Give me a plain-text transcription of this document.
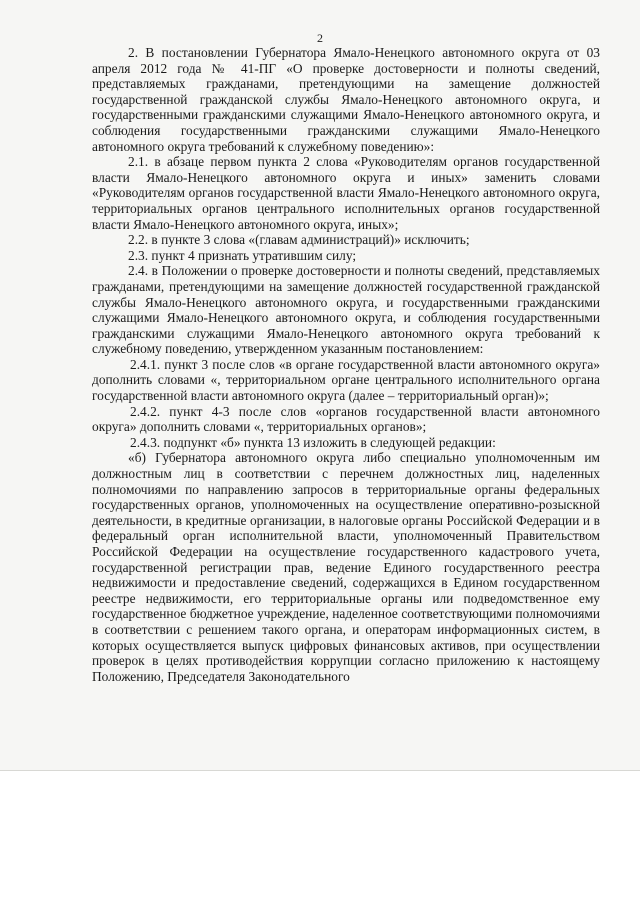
2

2. В постановлении Губернатора Ямало-Ненецкого автономного округа от 03 апреля 2012 года № 41-ПГ «О проверке достоверности и полноты сведений, представляемых гражданами, претендующими на замещение должностей государственной гражданской службы Ямало-Ненецкого автономного округа, и государственными гражданскими служащими Ямало-Ненецкого автономного округа, и соблюдения государственными гражданскими служащими Ямало-Ненецкого автономного округа требований к служебному поведению»:

2.1. в абзаце первом пункта 2 слова «Руководителям органов государственной власти Ямало-Ненецкого автономного округа и иных» заменить словами «Руководителям органов государственной власти Ямало-Ненецкого автономного округа, территориальных органов центрального исполнительных органов государственной власти Ямало-Ненецкого автономного округа, иных»;

2.2. в пункте 3 слова «(главам администраций)» исключить;

2.3. пункт 4 признать утратившим силу;

2.4. в Положении о проверке достоверности и полноты сведений, представляемых гражданами, претендующими на замещение должностей государственной гражданской службы Ямало-Ненецкого автономного округа, и государственными гражданскими служащими Ямало-Ненецкого автономного округа, и соблюдения государственными гражданскими служащими Ямало-Ненецкого автономного округа требований к служебному поведению, утвержденном указанным постановлением:

2.4.1. пункт 3 после слов «в органе государственной власти автономного округа» дополнить словами «, территориальном органе центрального исполнительного органа государственной власти автономного округа (далее – территориальный орган)»;

2.4.2. пункт 4-3 после слов «органов государственной власти автономного округа» дополнить словами «, территориальных органов»;

2.4.3. подпункт «б» пункта 13 изложить в следующей редакции:

«б) Губернатора автономного округа либо специально уполномоченным им должностным лиц в соответствии с перечнем должностных лиц, наделенных полномочиями по направлению запросов в территориальные органы федеральных государственных органов, уполномоченных на осуществление оперативно-розыскной деятельности, в кредитные организации, в налоговые органы Российской Федерации и в федеральный орган исполнительной власти, уполномоченный Правительством Российской Федерации на осуществление государственного кадастрового учета, государственной регистрации прав, ведение Единого государственного реестра недвижимости и предоставление сведений, содержащихся в Едином государственном реестре недвижимости, его территориальные органы или подведомственное ему государственное бюджетное учреждение, наделенное соответствующими полномочиями в соответствии с решением такого органа, и операторам информационных систем, в которых осуществляется выпуск цифровых финансовых активов, при осуществлении проверок в целях противодействия коррупции согласно приложению к настоящему Положению, Председателя Законодательного
